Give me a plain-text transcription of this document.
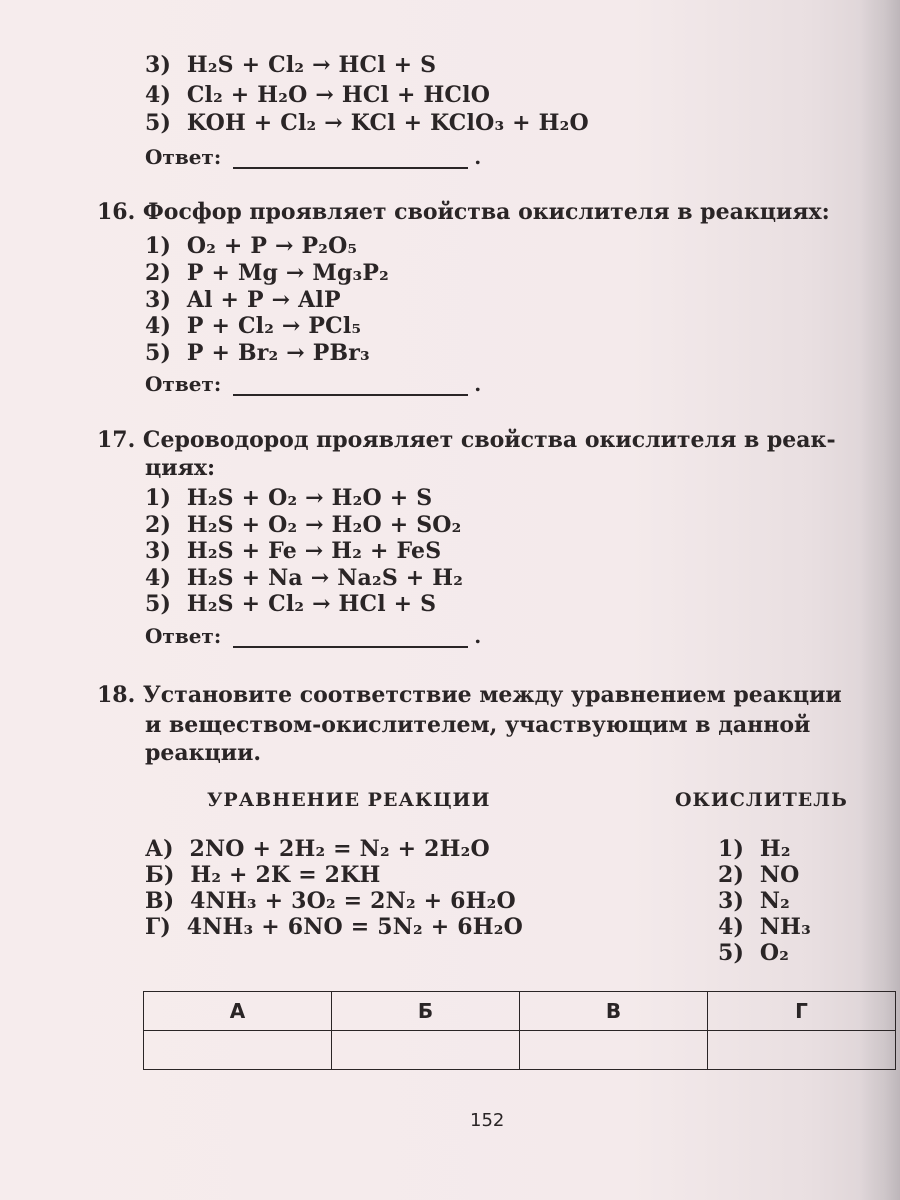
3) H₂S + Cl₂ → HCl + S
4) Cl₂ + H₂O → HCl + HClO
5) KOH + Cl₂ → KCl + KClO₃ + H₂O
Ответ:	.
16. Фосфор проявляет свойства окислителя в реакциях:
1) O₂ + P → P₂O₅
2) P + Mg → Mg₃P₂
3) Al + P → AlP
4) P + Cl₂ → PCl₅
5) P + Br₂ → PBr₃
Ответ:	.
17. Сероводород проявляет свойства окислителя в реак-
циях:
1) H₂S + O₂ → H₂O + S
2) H₂S + O₂ → H₂O + SO₂
3) H₂S + Fe → H₂ + FeS
4) H₂S + Na → Na₂S + H₂
5) H₂S + Cl₂ → HCl + S
Ответ:	.
18. Установите соответствие между уравнением реакции
и веществом-окислителем, участвующим в данной
реакции.
УРАВНЕНИЕ РЕАКЦИИ	ОКИСЛИТЕЛЬ
А) 2NO + 2H₂ = N₂ + 2H₂O
Б) H₂ + 2K = 2KH
В) 4NH₃ + 3O₂ = 2N₂ + 6H₂O
Г) 4NH₃ + 6NO = 5N₂ + 6H₂O
1) H₂
2) NO
3) N₂
4) NH₃
5) O₂
А	Б	В	Г

152
